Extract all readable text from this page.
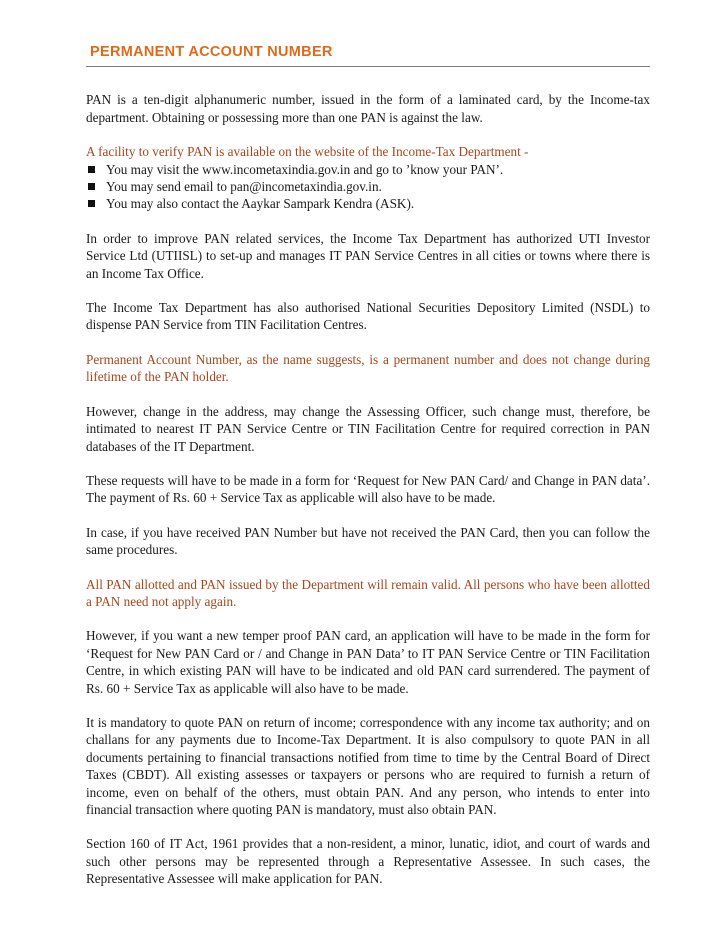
PERMANENT ACCOUNT NUMBER

PAN is a ten-digit alphanumeric number, issued in the form of a laminated card, by the Income-tax department. Obtaining or possessing more than one PAN is against the law.

A facility to verify PAN is available on the website of the Income-Tax Department -
You may visit the www.incometaxindia.gov.in and go to ’know your PAN’.
You may send email to pan@incometaxindia.gov.in.
You may also contact the Aaykar Sampark Kendra (ASK).

In order to improve PAN related services, the Income Tax Department has authorized UTI Investor Service Ltd (UTIISL) to set-up and manages IT PAN Service Centres in all cities or towns where there is an Income Tax Office.

The Income Tax Department has also authorised National Securities Depository Limited (NSDL) to dispense PAN Service from TIN Facilitation Centres.

Permanent Account Number, as the name suggests, is a permanent number and does not change during lifetime of the PAN holder.

However, change in the address, may change the Assessing Officer, such change must, therefore, be intimated to nearest IT PAN Service Centre or TIN Facilitation Centre for required correction in PAN databases of the IT Department.

These requests will have to be made in a form for ‘Request for New PAN Card/ and Change in PAN data’. The payment of Rs. 60 + Service Tax as applicable will also have to be made.

In case, if you have received PAN Number but have not received the PAN Card, then you can follow the same procedures.

All PAN allotted and PAN issued by the Department will remain valid. All persons who have been allotted a PAN need not apply again.

However, if you want a new temper proof PAN card, an application will have to be made in the form for ‘Request for New PAN Card or / and Change in PAN Data’ to IT PAN Service Centre or TIN Facilitation Centre, in which existing PAN will have to be indicated and old PAN card surrendered. The payment of Rs. 60 + Service Tax as applicable will also have to be made.

It is mandatory to quote PAN on return of income; correspondence with any income tax authority; and on challans for any payments due to Income-Tax Department. It is also compulsory to quote PAN in all documents pertaining to financial transactions notified from time to time by the Central Board of Direct Taxes (CBDT). All existing assesses or taxpayers or persons who are required to furnish a return of income, even on behalf of the others, must obtain PAN. And any person, who intends to enter into financial transaction where quoting PAN is mandatory, must also obtain PAN.

Section 160 of IT Act, 1961 provides that a non-resident, a minor, lunatic, idiot, and court of wards and such other persons may be represented through a Representative Assessee. In such cases, the Representative Assessee will make application for PAN.
